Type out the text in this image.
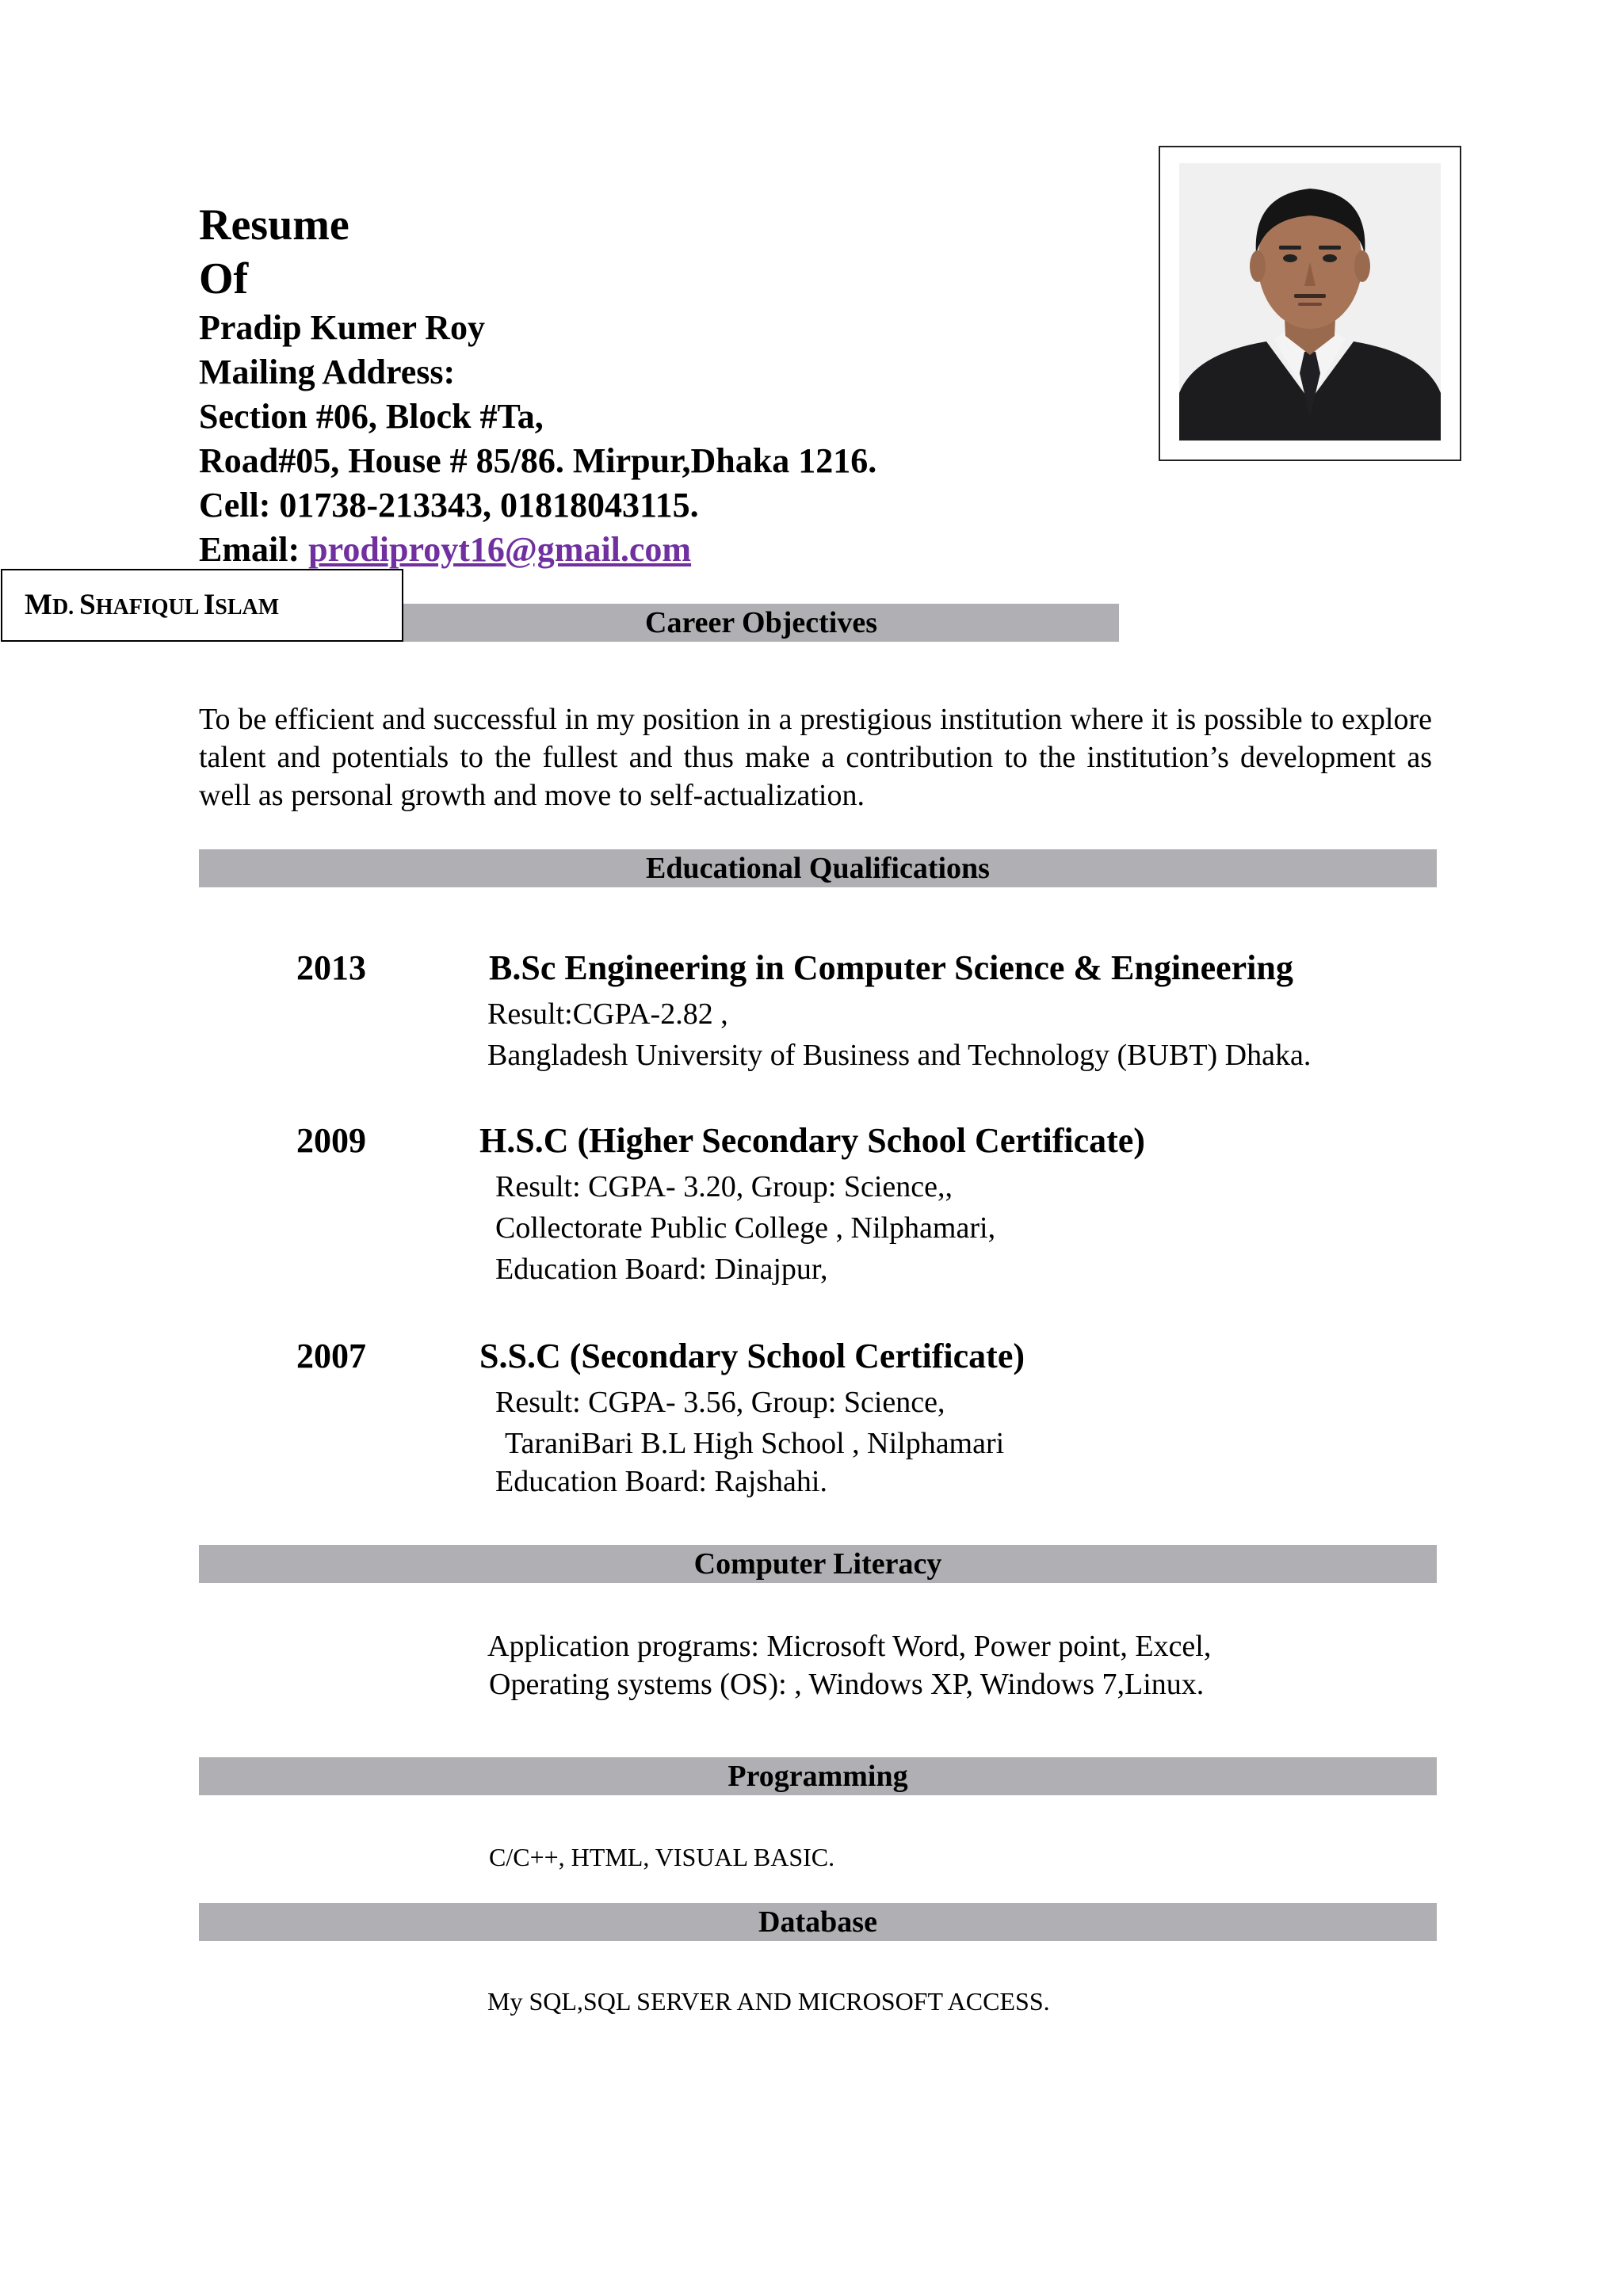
Resume
Of
Pradip Kumer Roy
Mailing Address:
Section #06, Block #Ta,
Road#05, House # 85/86. Mirpur,Dhaka 1216.
Cell: 01738-213343, 01818043115.
Email: prodiproyt16@gmail.com
MD. SHAFIQUL ISLAM	Career Objectives
To be efficient and successful in my position in a prestigious institution where it is possible to explore talent and potentials to the fullest and thus make a contribution to the institution’s development as well as personal growth and move to self-actualization.
Educational Qualifications
2013	B.Sc Engineering in Computer Science & Engineering
Result:CGPA-2.82 ,
Bangladesh University of Business and Technology (BUBT) Dhaka.
2009	H.S.C (Higher Secondary School Certificate)
Result: CGPA- 3.20, Group: Science,,
Collectorate Public College , Nilphamari,
Education Board: Dinajpur,
2007	S.S.C (Secondary School Certificate)
Result: CGPA- 3.56, Group: Science,
TaraniBari B.L High School , Nilphamari
Education Board: Rajshahi.
Computer Literacy
Application programs: Microsoft Word, Power point, Excel,
Operating systems (OS): , Windows XP, Windows 7,Linux.
Programming
C/C++, HTML, VISUAL BASIC.
Database
My SQL,SQL SERVER AND MICROSOFT ACCESS.
